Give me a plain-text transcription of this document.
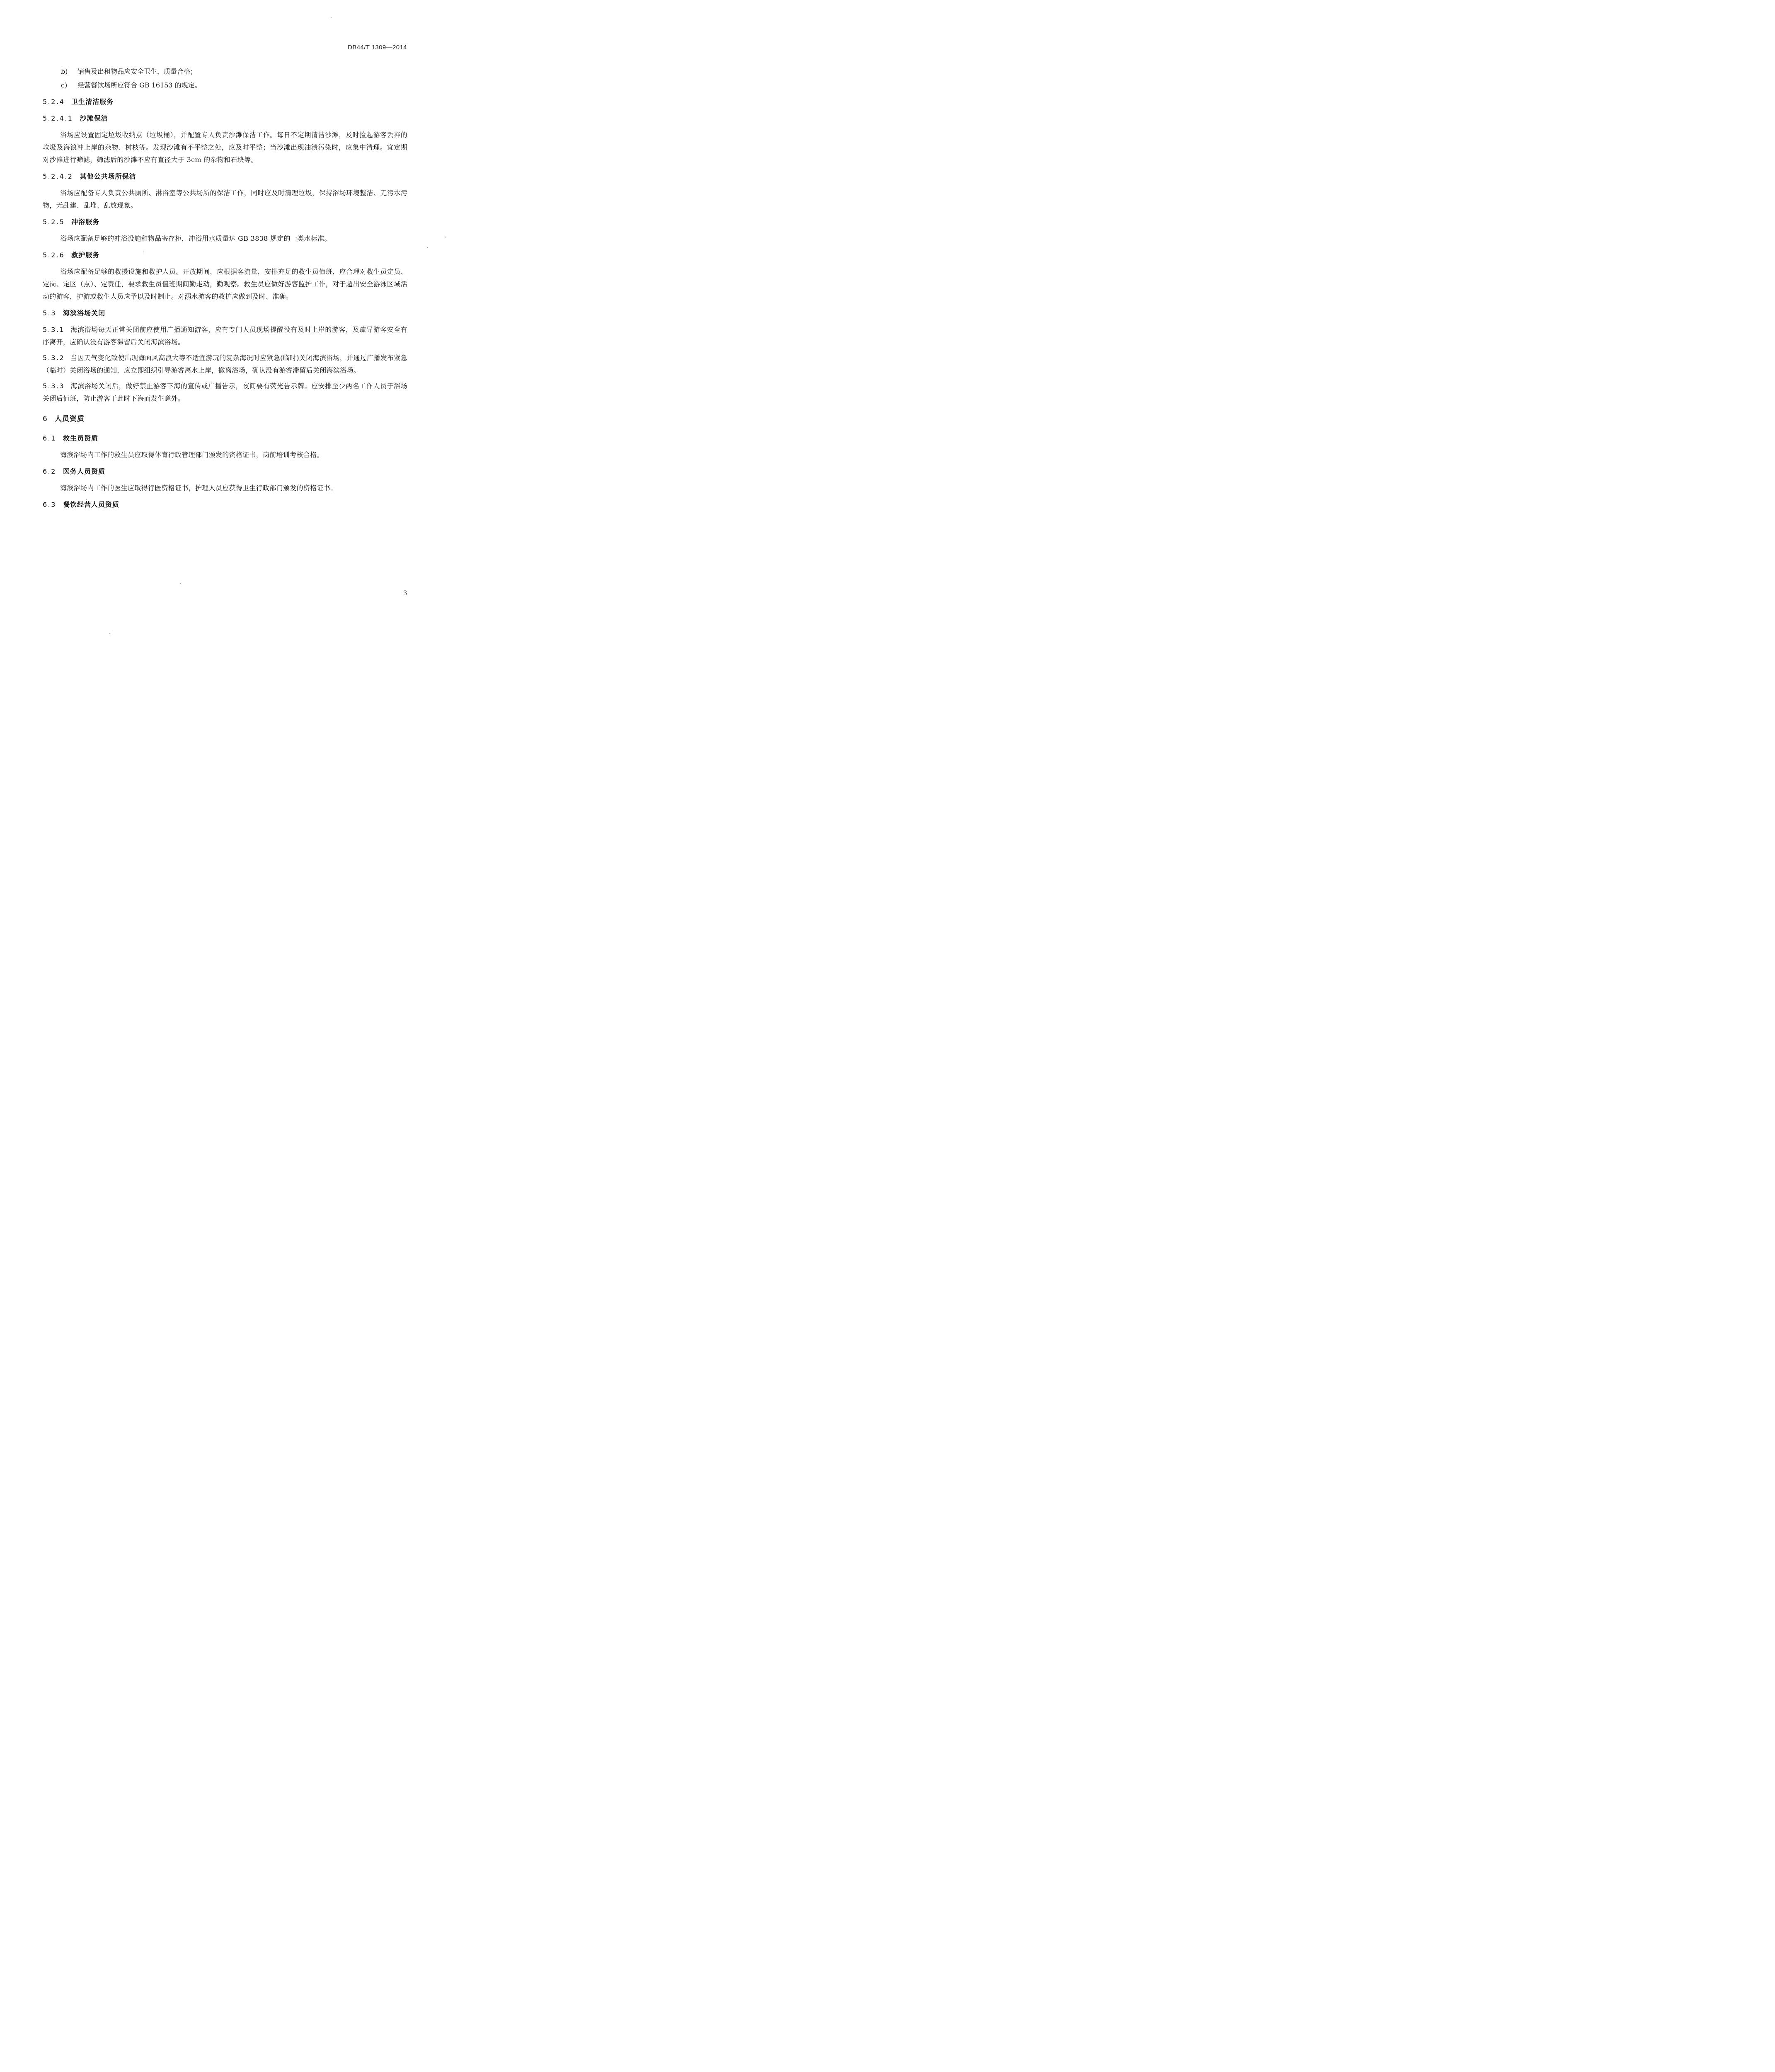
DB44/T 1309—2014
b)	销售及出租物品应安全卫生，质量合格；
c)	经营餐饮场所应符合 GB 16153 的规定。
5.2.4 卫生清洁服务
5.2.4.1 沙滩保洁

浴场应设置固定垃圾收纳点（垃圾桶），并配置专人负责沙滩保洁工作。每日不定期清洁沙滩，及时捡起游客丢弃的垃圾及海浪冲上岸的杂物、树枝等。发现沙滩有不平整之处，应及时平整；当沙滩出现油渍污染时，应集中清理。宜定期对沙滩进行筛滤，筛滤后的沙滩不应有直径大于 3cm 的杂物和石块等。

5.2.4.2 其他公共场所保洁

浴场应配备专人负责公共厕所、淋浴室等公共场所的保洁工作，同时应及时清理垃圾，保持浴场环境整洁、无污水污物，无乱建、乱堆、乱放现象。

5.2.5 冲浴服务

浴场应配备足够的冲浴设施和物品寄存柜，冲浴用水质量达 GB 3838 规定的一类水标准。

5.2.6 救护服务

浴场应配备足够的救援设施和救护人员。开放期间，应根据客流量，安排充足的救生员值班，应合理对救生员定员、定岗、定区（点）、定责任，要求救生员值班期间勤走动，勤观察。救生员应做好游客监护工作，对于超出安全游泳区域活动的游客，护游或救生人员应予以及时制止。对溺水游客的救护应做到及时、准确。

5.3 海滨浴场关闭

5.3.1 海滨浴场每天正常关闭前应使用广播通知游客，应有专门人员现场提醒没有及时上岸的游客，及疏导游客安全有序离开，应确认没有游客滞留后关闭海滨浴场。

5.3.2 当因天气变化致使出现海面风高浪大等不适宜游玩的复杂海况时应紧急(临时)关闭海滨浴场，并通过广播发布紧急（临时）关闭浴场的通知，应立即组织引导游客离水上岸，撤离浴场，确认没有游客滞留后关闭海滨浴场。

5.3.3 海滨浴场关闭后，做好禁止游客下海的宣传或广播告示，夜间要有荧光告示牌。应安排至少两名工作人员于浴场关闭后值班，防止游客于此时下海而发生意外。

6 人员资质
6.1 救生员资质

海滨浴场内工作的救生员应取得体育行政管理部门颁发的资格证书，岗前培训考核合格。

6.2 医务人员资质

海滨浴场内工作的医生应取得行医资格证书，护理人员应获得卫生行政部门颁发的资格证书。

6.3 餐饮经营人员资质
3
